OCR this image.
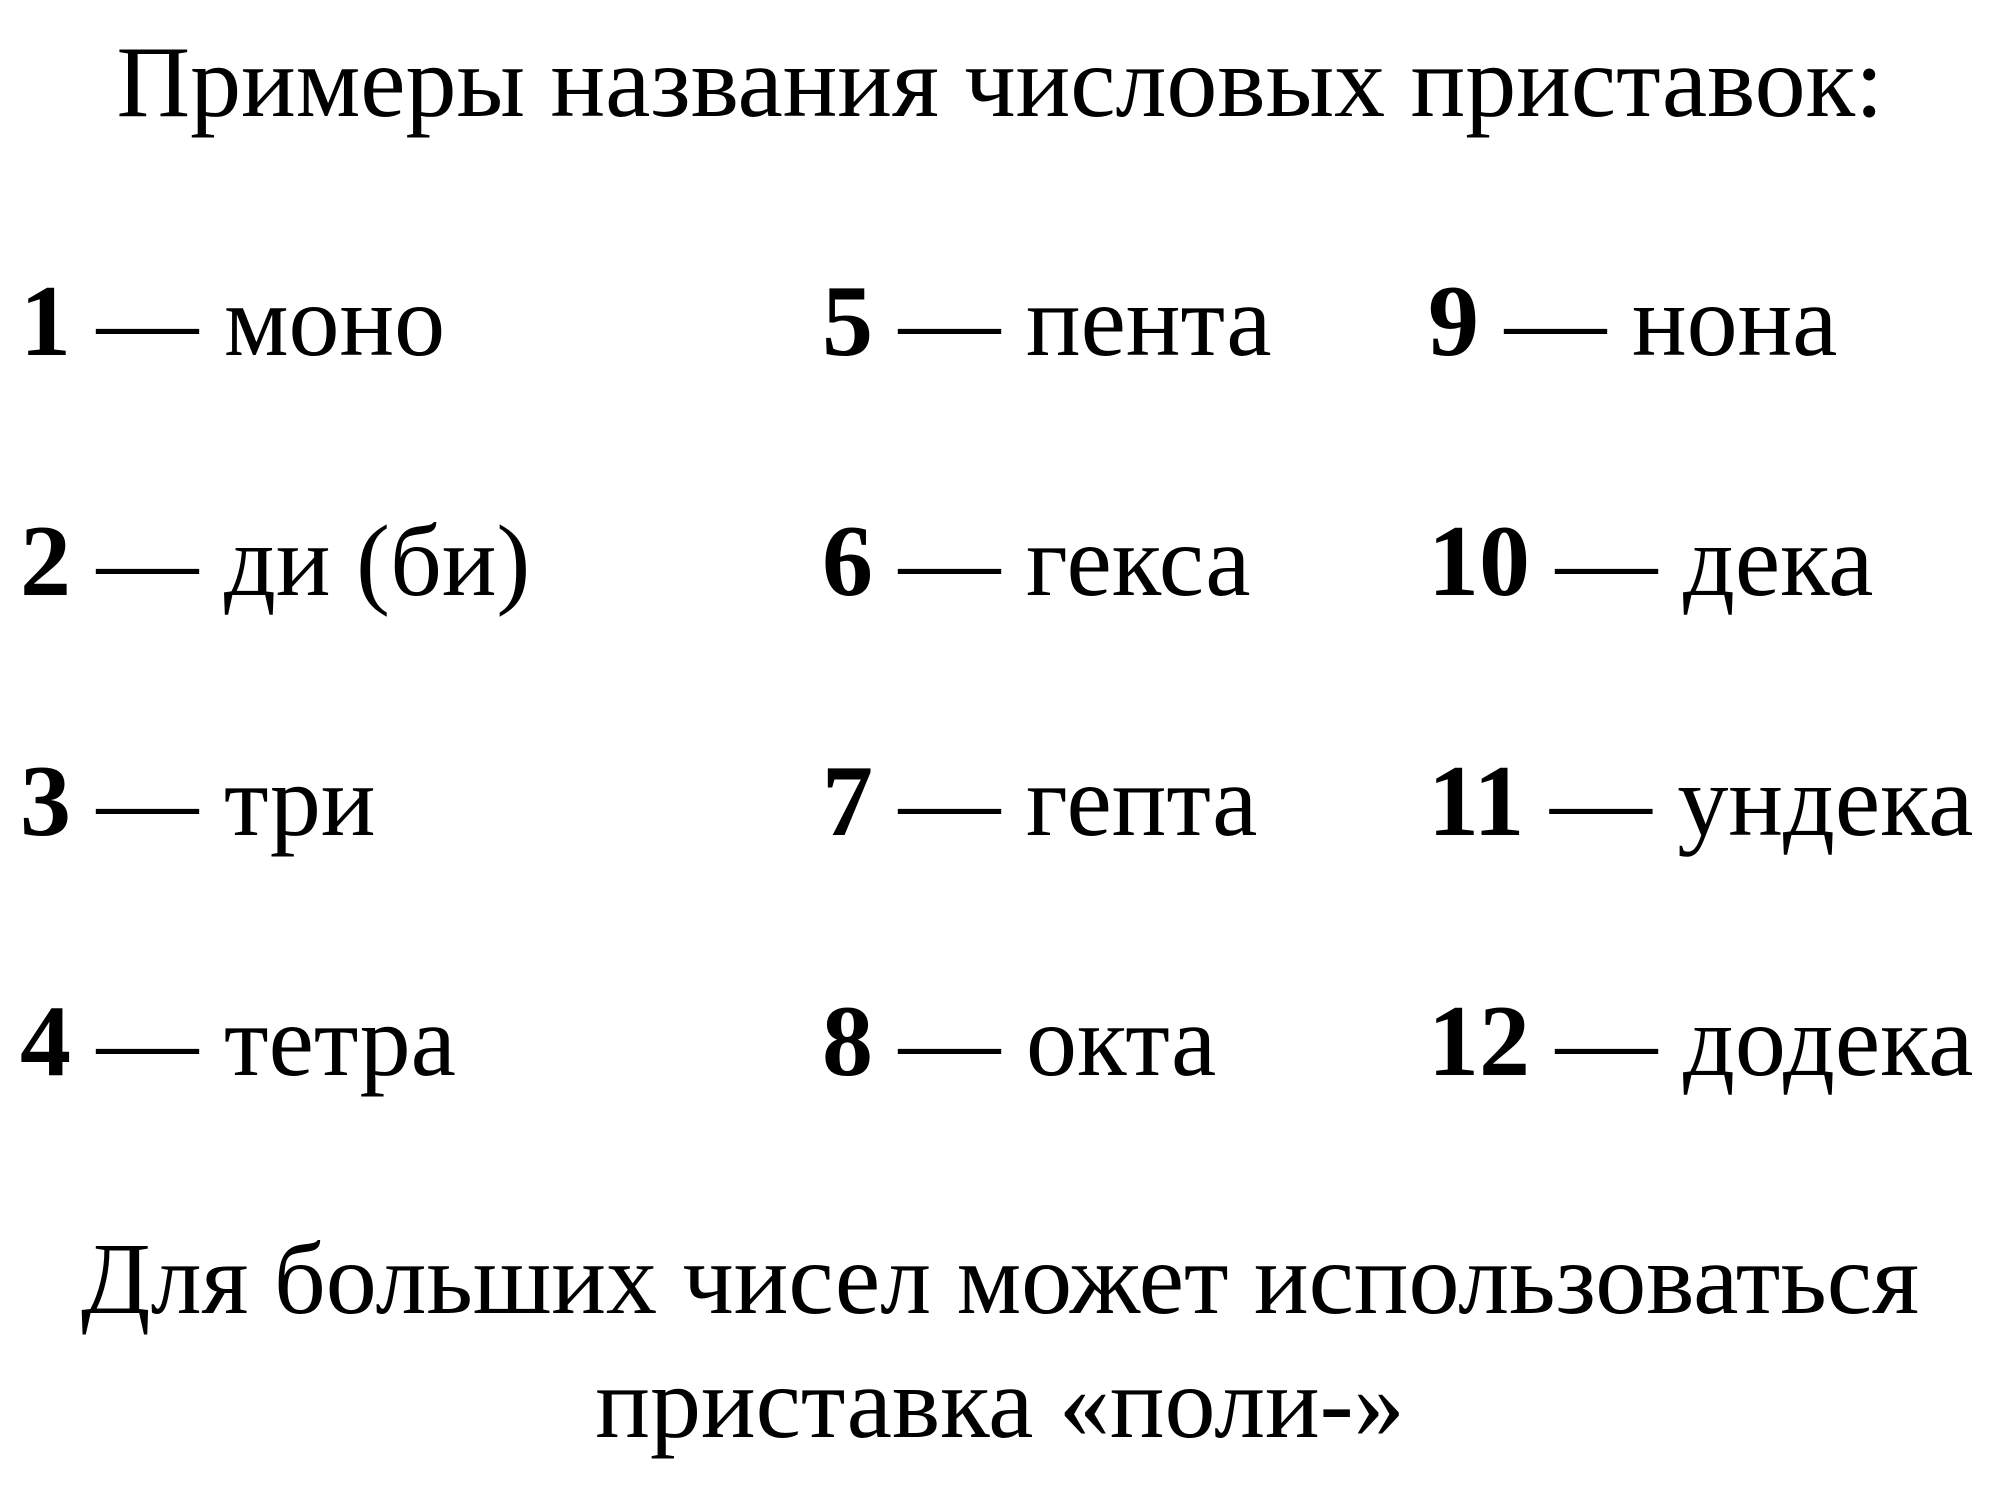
Примеры названия числовых приставок:
1 — моно
2 — ди (би)
3 — три
4 — тетра
5 — пента
6 — гекса
7 — гепта
8 — окта
9 — нона
10 — дека
11 — ундека
12 — додека
Для больших чисел может использоваться
приставка «поли-»
